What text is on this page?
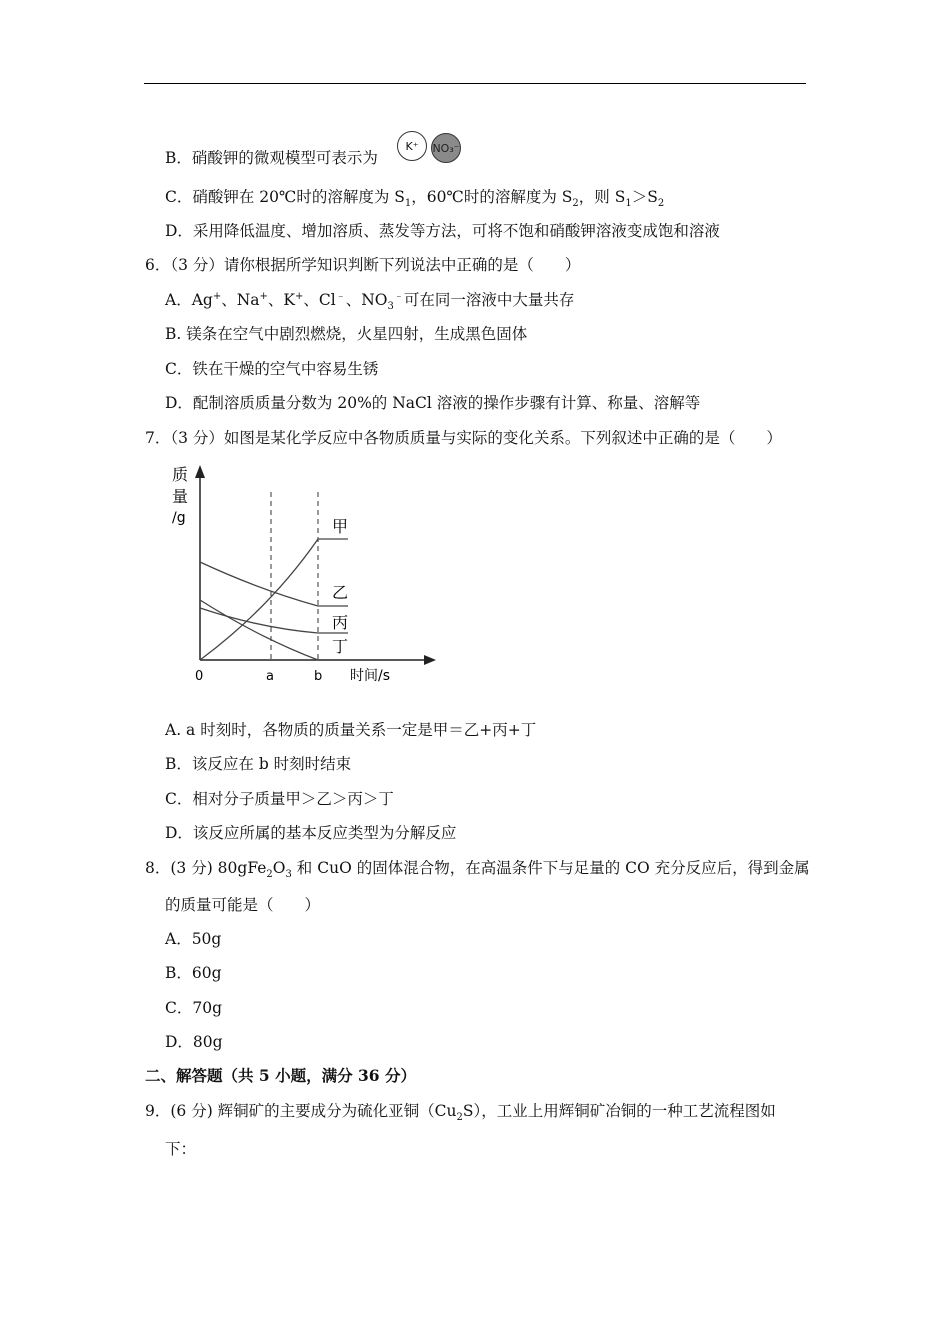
B．硝酸钾的微观模型可表示为
K⁺	NO₃⁻
C．硝酸钾在 20℃时的溶解度为 $S_1$，60℃时的溶解度为 $S_2$，则 $S_1>S_2$
D．采用降低温度、增加溶质、蒸发等方法，可将不饱和硝酸钾溶液变成饱和溶液
6．（3 分）请你根据所学知识判断下列说法中正确的是（　　）
A．Ag+、Na+、K+、Cl﹣、$NO_3^﹣$可在同一溶液中大量共存
B. 镁条在空气中剧烈燃烧，火星四射，生成黑色固体
C．铁在干燥的空气中容易生锈
D．配制溶质质量分数为 20%的 NaCl 溶液的操作步骤有计算、称量、溶解等
7．（3 分）如图是某化学反应中各物质质量与实际的变化关系。下列叙述中正确的是（　　）
质
量
/g	甲
乙
丙
丁
0	a	b 时间/s
A. a 时刻时，各物质的质量关系一定是甲＝乙+丙+丁
B．该反应在 b 时刻时结束
C．相对分子质量甲＞乙＞丙＞丁
D．该反应所属的基本反应类型为分解反应
8．(3 分) $80gFe_2O_3$ 和 CuO 的固体混合物，在高温条件下与足量的 CO 充分反应后，得到金属
的质量可能是（　　）
A．50g
B．60g
C．70g
D．80g
二、解答题（共 5 小题，满分 36 分）
9．(6 分) 辉铜矿的主要成分为硫化亚铜$(Cu_2S)$，工业上用辉铜矿冶铜的一种工艺流程图如
下：
